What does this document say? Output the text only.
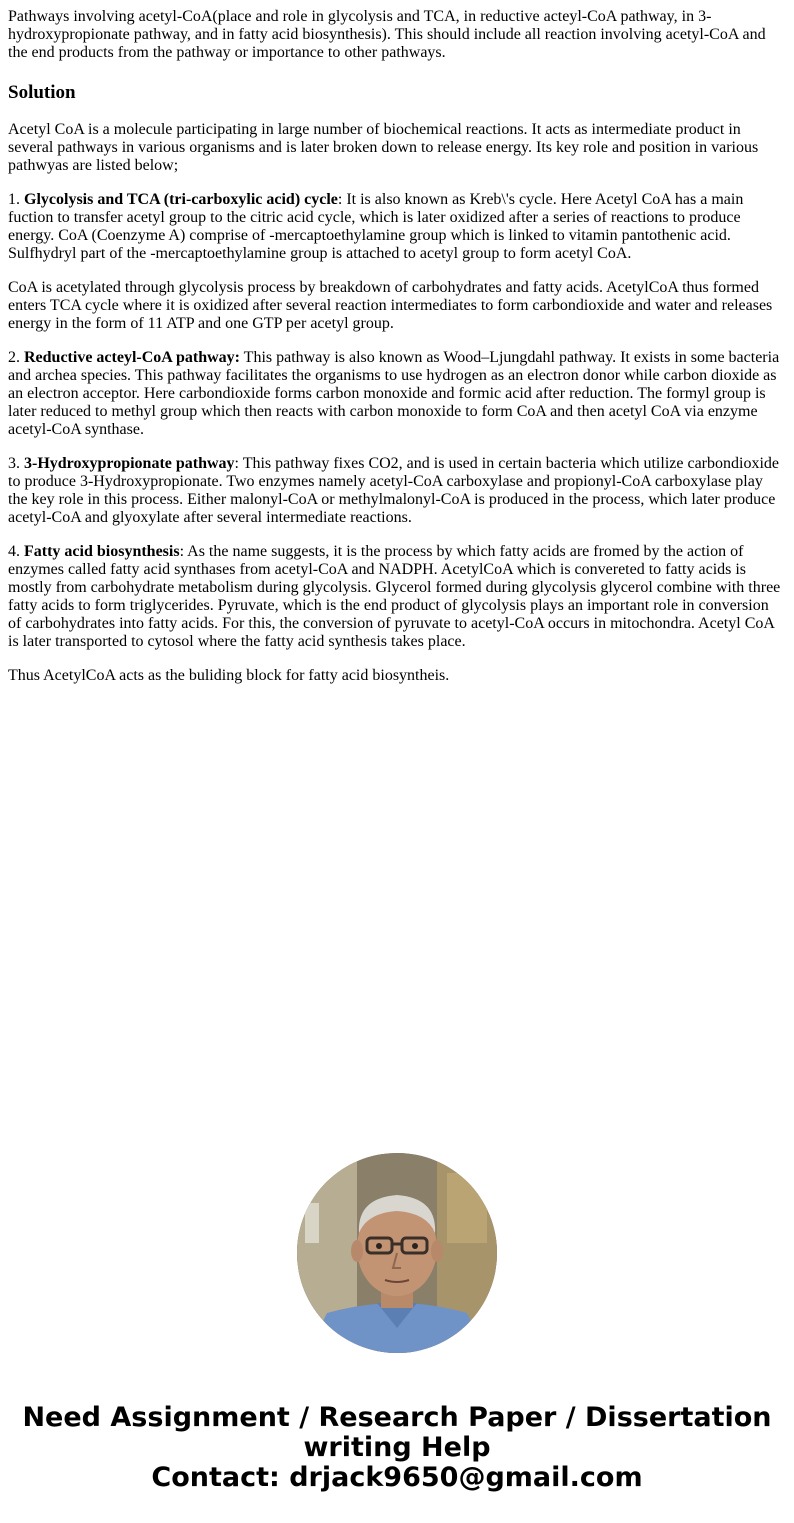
Pathways involving acetyl-CoA(place and role in glycolysis and TCA, in reductive acteyl-CoA pathway, in 3-hydroxypropionate pathway, and in fatty acid biosynthesis). This should include all reaction involving acetyl-CoA and the end products from the pathway or importance to other pathways.

Solution

Acetyl CoA is a molecule participating in large number of biochemical reactions. It acts as intermediate product in several pathways in various organisms and is later broken down to release energy. Its key role and position in various pathwyas are listed below;

1. Glycolysis and TCA (tri-carboxylic acid) cycle: It is also known as Kreb\'s cycle. Here Acetyl CoA has a main fuction to transfer acetyl group to the citric acid cycle, which is later oxidized after a series of reactions to produce energy. CoA (Coenzyme A) comprise of -mercaptoethylamine group which is linked to vitamin pantothenic acid. Sulfhydryl part of the -mercaptoethylamine group is attached to acetyl group to form acetyl CoA.

CoA is acetylated through glycolysis process by breakdown of carbohydrates and fatty acids. AcetylCoA thus formed enters TCA cycle where it is oxidized after several reaction intermediates to form carbondioxide and water and releases energy in the form of 11 ATP and one GTP per acetyl group.

2. Reductive acteyl-CoA pathway: This pathway is also known as Wood–Ljungdahl pathway. It exists in some bacteria and archea species. This pathway facilitates the organisms to use hydrogen as an electron donor while carbon dioxide as an electron acceptor. Here carbondioxide forms carbon monoxide and formic acid after reduction. The formyl group is later reduced to methyl group which then reacts with carbon monoxide to form CoA and then acetyl CoA via enzyme acetyl-CoA synthase.

3. 3-Hydroxypropionate pathway: This pathway fixes CO2, and is used in certain bacteria which utilize carbondioxide to produce 3-Hydroxypropionate. Two enzymes namely acetyl-CoA carboxylase and propionyl-CoA carboxylase play the key role in this process. Either malonyl-CoA or methylmalonyl-CoA is produced in the process, which later produce acetyl-CoA and glyoxylate after several intermediate reactions.

4. Fatty acid biosynthesis: As the name suggests, it is the process by which fatty acids are fromed by the action of enzymes called fatty acid synthases from acetyl-CoA and NADPH. AcetylCoA which is convereted to fatty acids is mostly from carbohydrate metabolism during glycolysis. Glycerol formed during glycolysis glycerol combine with three fatty acids to form triglycerides. Pyruvate, which is the end product of glycolysis plays an important role in conversion of carbohydrates into fatty acids. For this, the conversion of pyruvate to acetyl-CoA occurs in mitochondra. Acetyl CoA is later transported to cytosol where the fatty acid synthesis takes place.

Thus AcetylCoA acts as the buliding block for fatty acid biosyntheis.

Need Assignment / Research Paper / Dissertation
writing Help
Contact: drjack9650@gmail.com
